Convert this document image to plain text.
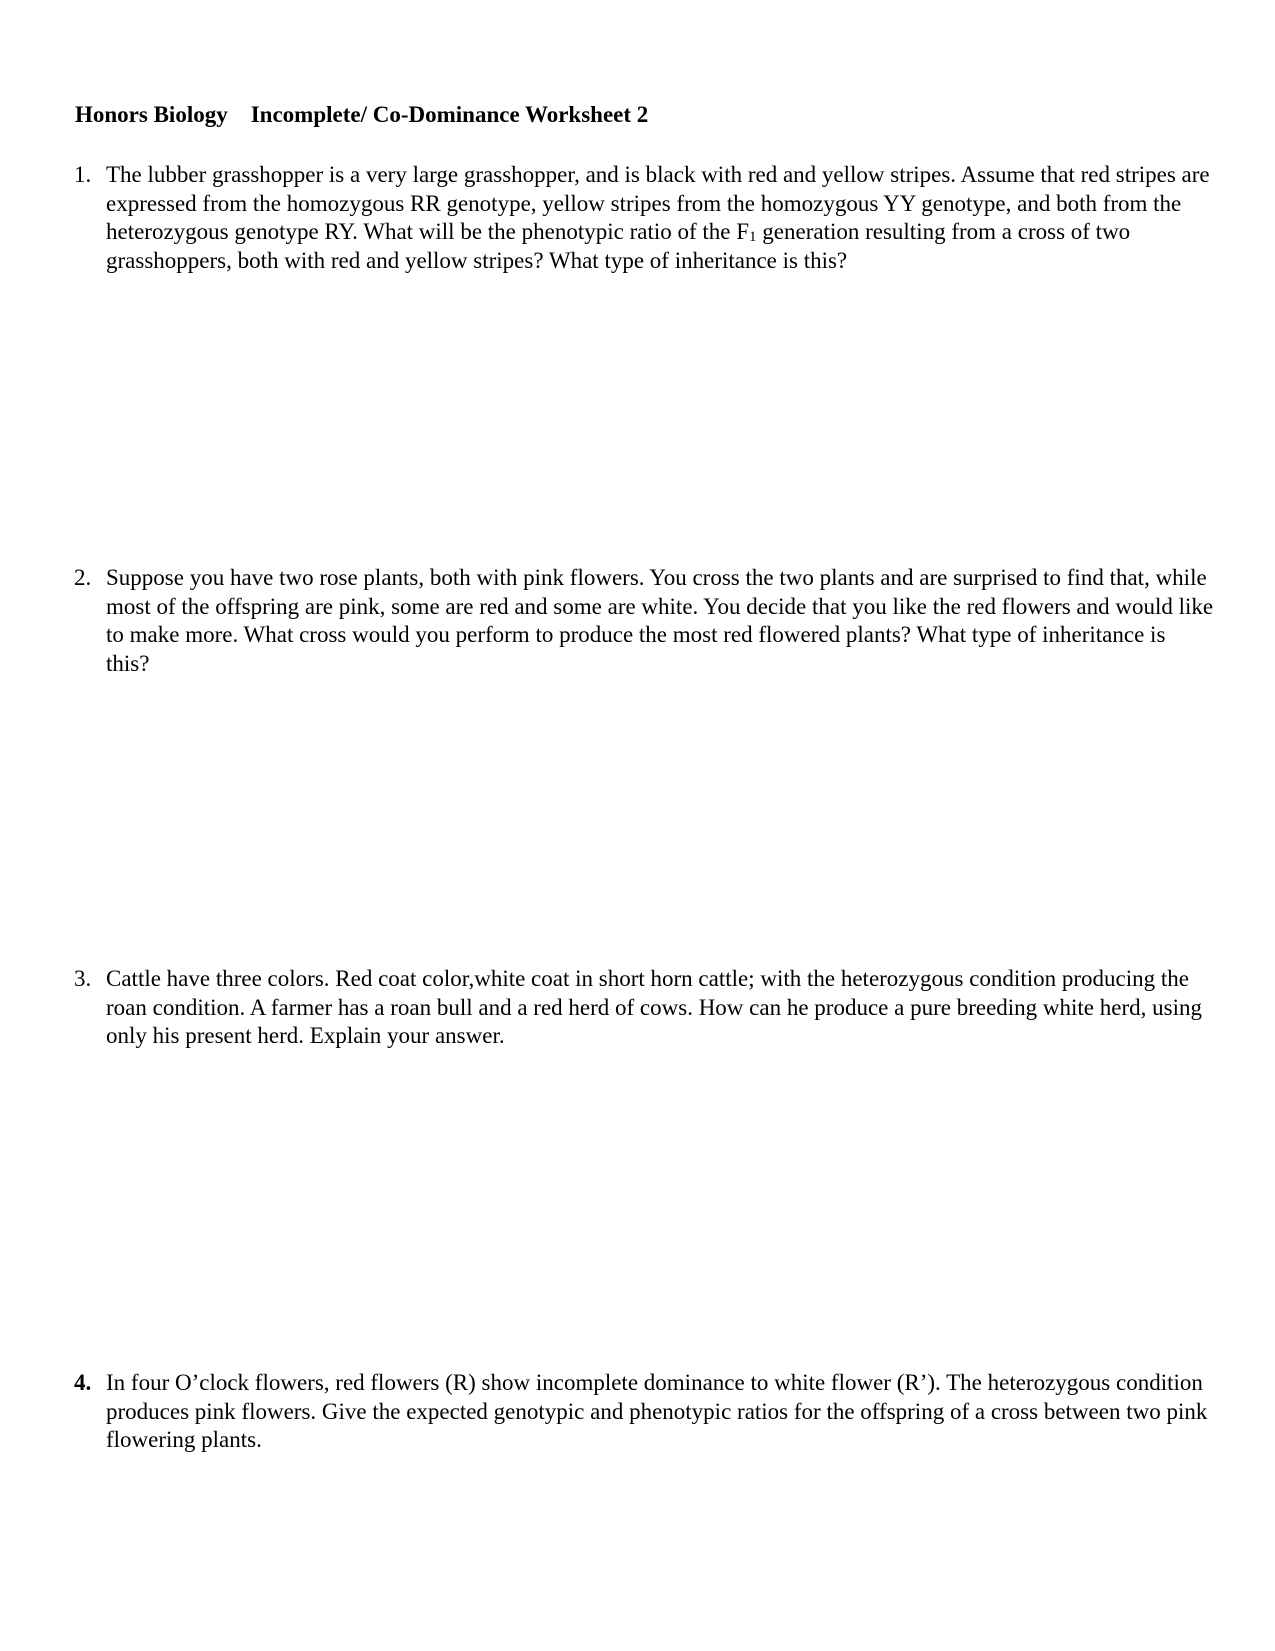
Honors Biology Incomplete/ Co-Dominance Worksheet 2
1. The lubber grasshopper is a very large grasshopper, and is black with red and yellow stripes. Assume that red stripes are expressed from the homozygous RR genotype, yellow stripes from the homozygous YY genotype, and both from the heterozygous genotype RY. What will be the phenotypic ratio of the $F_1$ generation resulting from a cross of two grasshoppers, both with red and yellow stripes? What type of inheritance is this?
2. Suppose you have two rose plants, both with pink flowers. You cross the two plants and are surprised to find that, while most of the offspring are pink, some are red and some are white. You decide that you like the red flowers and would like to make more. What cross would you perform to produce the most red flowered plants? What type of inheritance is this?
3. Cattle have three colors. Red coat color,white coat in short horn cattle; with the heterozygous condition producing the roan condition. A farmer has a roan bull and a red herd of cows. How can he produce a pure breeding white herd, using only his present herd. Explain your answer.
4. In four O’clock flowers, red flowers (R) show incomplete dominance to white flower (R’). The heterozygous condition produces pink flowers. Give the expected genotypic and phenotypic ratios for the offspring of a cross between two pink flowering plants.
